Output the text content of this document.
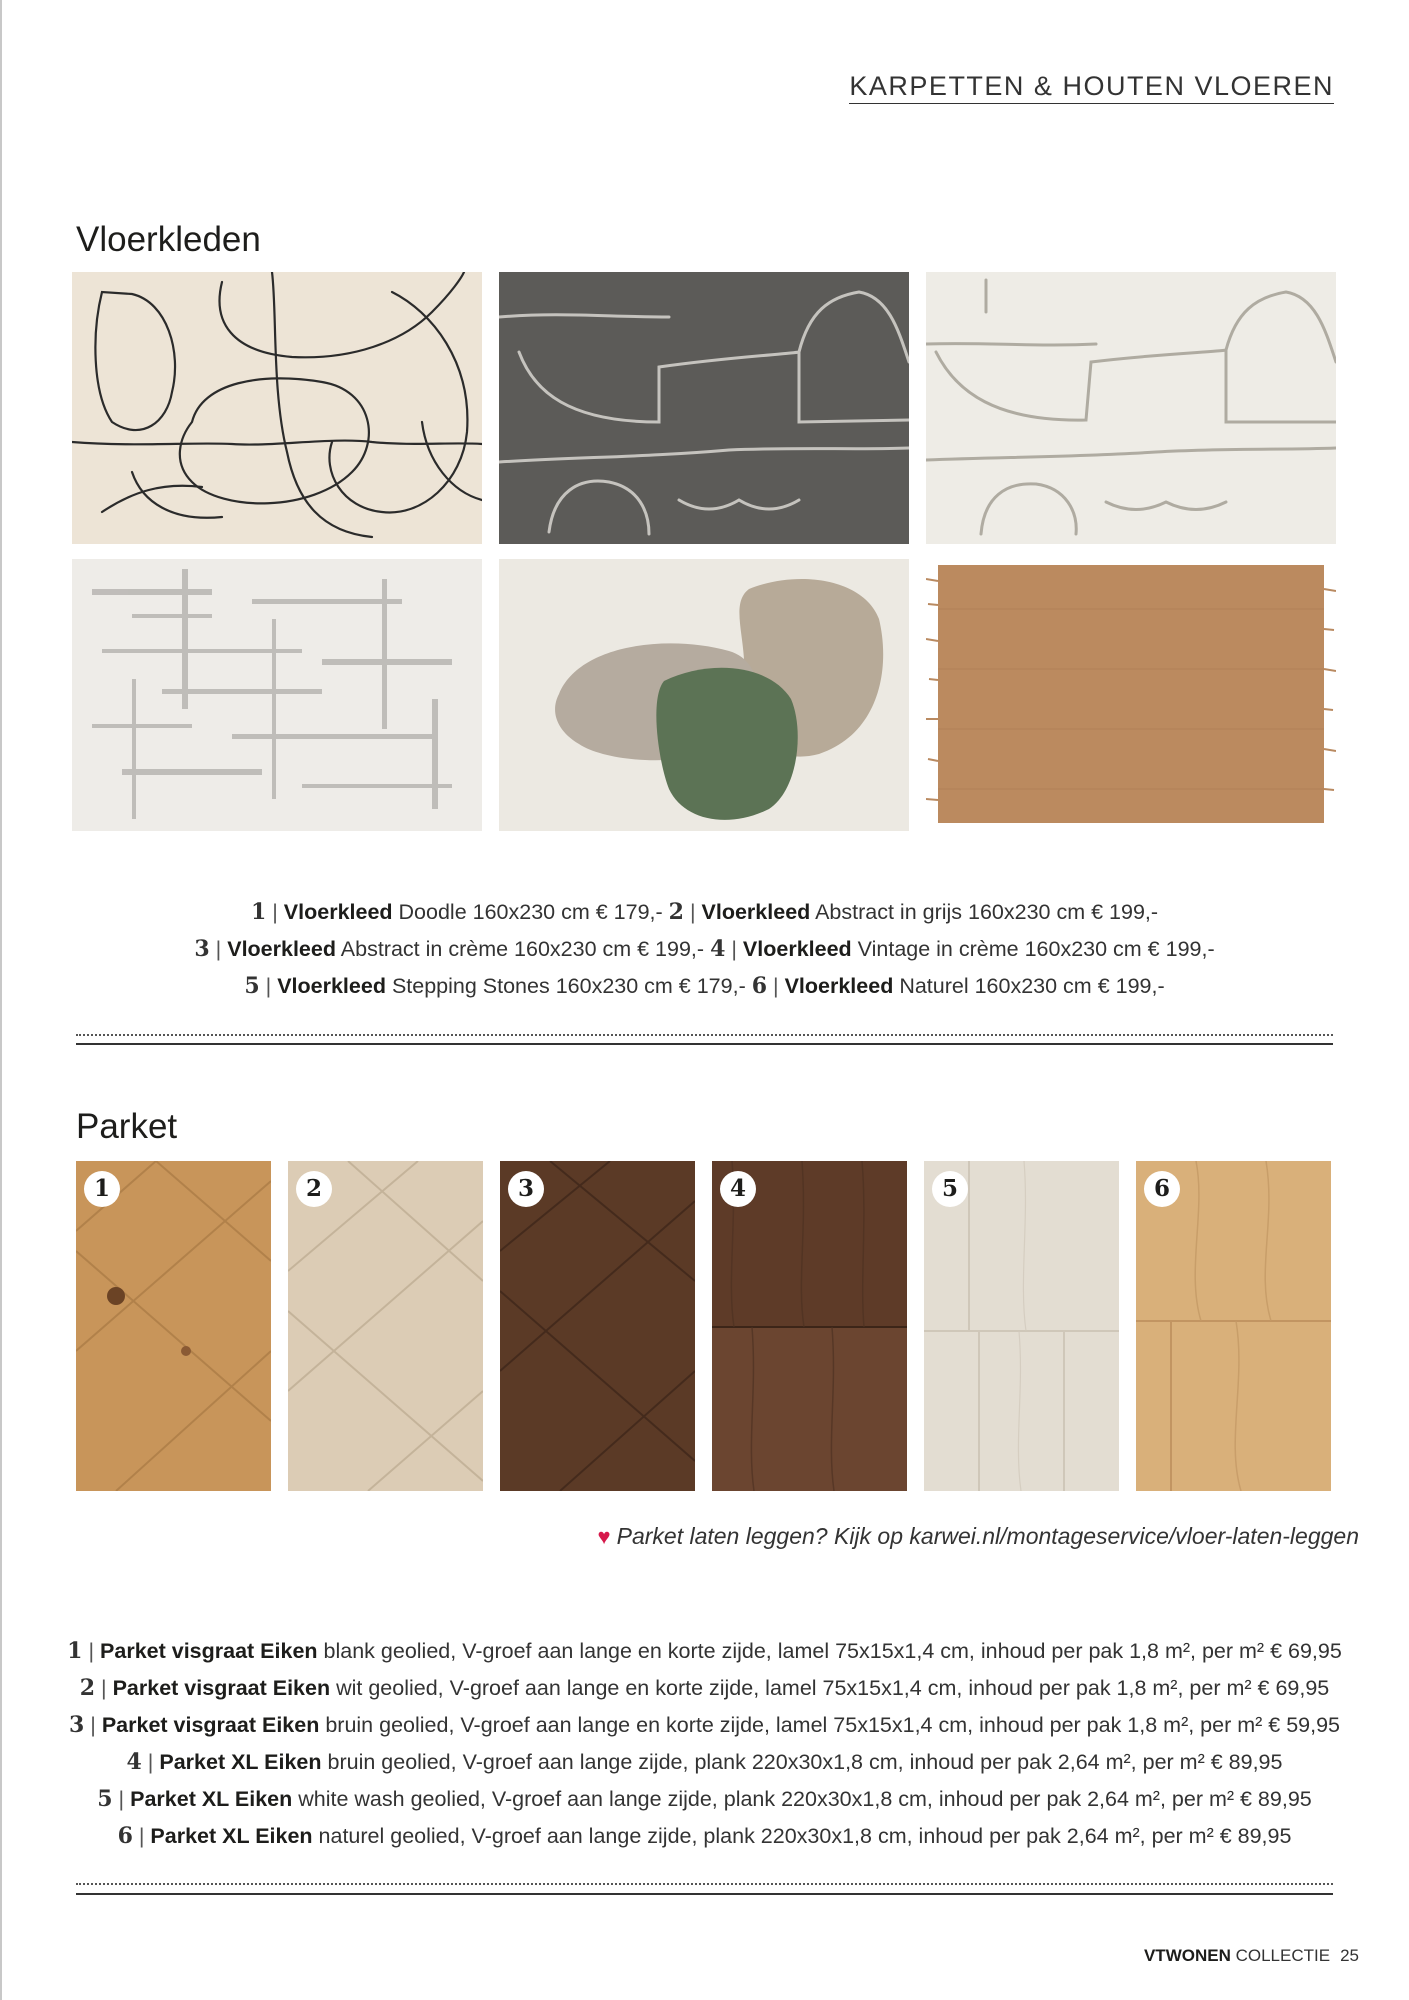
KARPETTEN & HOUTEN VLOEREN
Vloerkleden
1 | Vloerkleed Doodle 160x230 cm € 179,- 2 | Vloerkleed Abstract in grijs 160x230 cm € 199,-
3 | Vloerkleed Abstract in crème 160x230 cm € 199,- 4 | Vloerkleed Vintage in crème 160x230 cm € 199,-
5 | Vloerkleed Stepping Stones 160x230 cm € 179,- 6 | Vloerkleed Naturel 160x230 cm € 199,-
Parket
1	2	3	4	5	6
♥ Parket laten leggen? Kijk op karwei.nl/montageservice/vloer-laten-leggen
1 | Parket visgraat Eiken blank geolied, V-groef aan lange en korte zijde, lamel 75x15x1,4 cm, inhoud per pak 1,8 m², per m² € 69,95
2 | Parket visgraat Eiken wit geolied, V-groef aan lange en korte zijde, lamel 75x15x1,4 cm, inhoud per pak 1,8 m², per m² € 69,95
3 | Parket visgraat Eiken bruin geolied, V-groef aan lange en korte zijde, lamel 75x15x1,4 cm, inhoud per pak 1,8 m², per m² € 59,95
4 | Parket XL Eiken bruin geolied, V-groef aan lange zijde, plank 220x30x1,8 cm, inhoud per pak 2,64 m², per m² € 89,95
5 | Parket XL Eiken white wash geolied, V-groef aan lange zijde, plank 220x30x1,8 cm, inhoud per pak 2,64 m², per m² € 89,95
6 | Parket XL Eiken naturel geolied, V-groef aan lange zijde, plank 220x30x1,8 cm, inhoud per pak 2,64 m², per m² € 89,95
VTWONEN COLLECTIE 25
